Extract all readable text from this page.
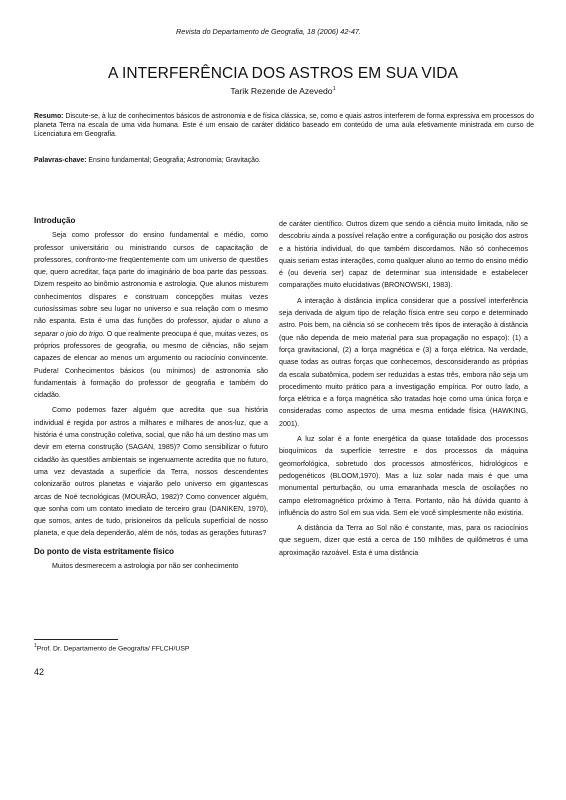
Revista do Departamento de Geografia, 18 (2006) 42-47.
A INTERFERÊNCIA DOS ASTROS EM SUA VIDA
Tarik Rezende de Azevedo$^1$
Resumo: Discute-se, à luz de conhecimentos básicos de astronomia e de física clássica, se, como e quais astros interferem de forma expressiva em processos do planeta Terra na escala de uma vida humana. Este é um ensaio de caráter didático baseado em conteúdo de uma aula efetivamente ministrada em curso de Licenciatura em Geografia.
Palavras-chave: Ensino fundamental; Geografia; Astronomia; Gravitação.
Introdução

Seja como professor do ensino fundamental e médio, como professor universitário ou ministrando cursos de capacitação de professores, confronto-me freqüentemente com um universo de questões que, quero acreditar, faça parte do imaginário de boa parte das pessoas. Dizem respeito ao binômio astronomia e astrologia. Que alunos misturem conhecimentos díspares e construam concepções muitas vezes curiosíssimas sobre seu lugar no universo e sua relação com o mesmo não espanta. Esta é uma das funções do professor, ajudar o aluno a separar o joio do trigo. O que realmente preocupa é que, muitas vezes, os próprios professores de geografia, ou mesmo de ciências, não sejam capazes de elencar ao menos um argumento ou raciocínio convincente. Pudera! Conhecimentos básicos (ou mínimos) de astronomia são fundamentais à formação do professor de geografia e também do cidadão.

Como podemos fazer alguém que acredita que sua história individual é regida por astros a milhares e milhares de anos-luz, que a história é uma construção coletiva, social, que não há um destino mas um devir em eterna construção (SAGAN, 1985)? Como sensibilizar o futuro cidadão às questões ambientais se ingenuamente acredita que no futuro, uma vez devastada a superfície da Terra, nossos descendentes colonizarão outros planetas e viajarão pelo universo em gigantescas arcas de Noé tecnológicas (MOURÃO, 1982)? Como convencer alguém, que sonha com um contato imediato de terceiro grau (DANIKEN, 1970), que somos, antes de tudo, prisioneiros da película superficial de nosso planeta, e que dela dependerão, além de nós, todas as gerações futuras?

Do ponto de vista estritamente físico

Muitos desmerecem a astrologia por não ser conhecimento

de caráter científico. Outros dizem que sendo a ciência muito limitada, não se descobriu ainda a possível relação entre a configuração ou posição dos astros e a história individual, do que também discordamos. Não só conhecemos quais seriam estas interações, como qualquer aluno ao termo do ensino médio é (ou deveria ser) capaz de determinar sua intensidade e estabelecer comparações muito elucidativas (BRONOWSKI, 1983).

A interação à distância implica considerar que a possível interferência seja derivada de algum tipo de relação física entre seu corpo e determinado astro. Pois bem, na ciência só se conhecem três tipos de interação à distância (que não dependa de meio material para sua propagação no espaço): (1) a força gravitacional, (2) a força magnética e (3) a força elétrica. Na verdade, quase todas as outras forças que conhecemos, desconsiderando as próprias da escala subatômica, podem ser reduzidas a estas três, embora não seja um procedimento muito prático para a investigação empírica. Por outro lado, a força elétrica e a força magnética são tratadas hoje como uma única força e consideradas como aspectos de uma mesma entidade física (HAWKING, 2001).

A luz solar é a fonte energética da quase totalidade dos processos bioquímicos da superfície terrestre e dos processos da máquina geomorfológica, sobretudo dos processos atmosféricos, hidrológicos e pedogenéticos (BLOOM,1970). Mas a luz solar nada mais é que uma monumental perturbação, ou uma emaranhada mescla de oscilações no campo eletromagnético próximo à Terra. Portanto, não há dúvida quanto à influência do astro Sol em sua vida. Sem ele você simplesmente não existiria.

A distância da Terra ao Sol não é constante, mas, para os raciocínios que seguem, dizer que está a cerca de 150 milhões de quilômetros é uma aproximação razoável. Esta é uma distância

$^1$Prof. Dr. Departamento de Geografia/ FFLCH/USP
42
